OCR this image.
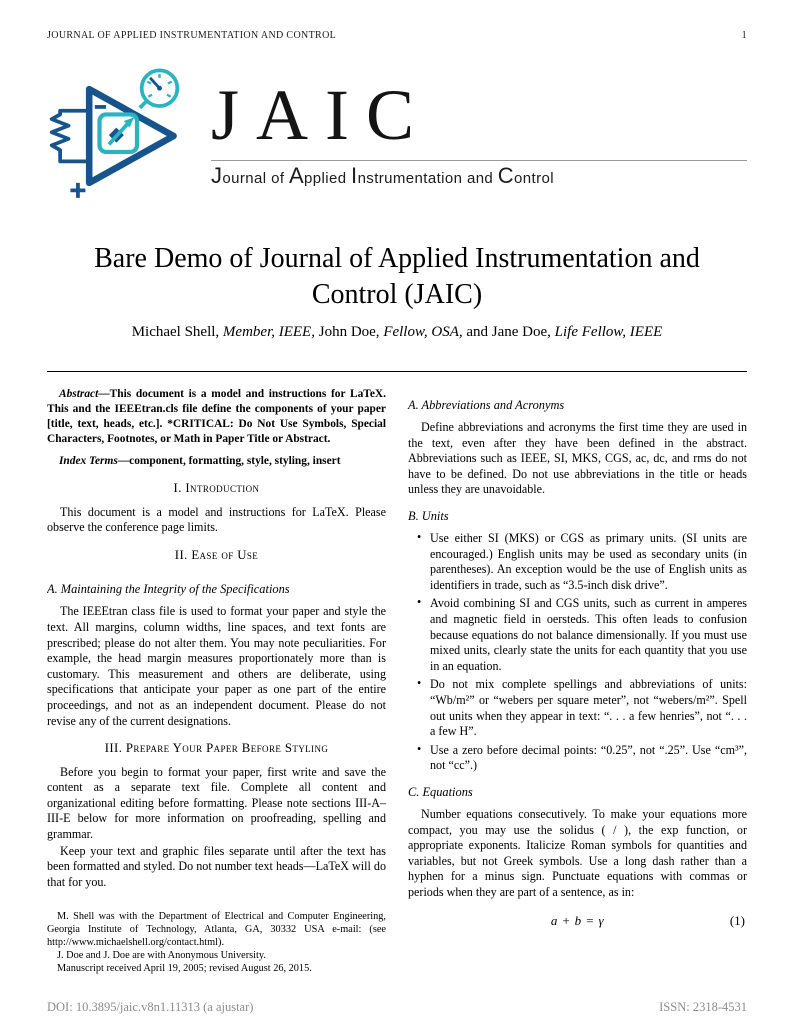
JOURNAL OF APPLIED INSTRUMENTATION AND CONTROL	1
JAIC
Journal of Applied Instrumentation and Control
Bare Demo of Journal of Applied Instrumentation and Control (JAIC)
Michael Shell, Member, IEEE, John Doe, Fellow, OSA, and Jane Doe, Life Fellow, IEEE

Abstract—This document is a model and instructions for LaTeX. This and the IEEEtran.cls file define the components of your paper [title, text, heads, etc.]. *CRITICAL: Do Not Use Symbols, Special Characters, Footnotes, or Math in Paper Title or Abstract.

Index Terms—component, formatting, style, styling, insert

I. Introduction

This document is a model and instructions for LaTeX. Please observe the conference page limits.

II. Ease of Use
A. Maintaining the Integrity of the Specifications

The IEEEtran class file is used to format your paper and style the text. All margins, column widths, line spaces, and text fonts are prescribed; please do not alter them. You may note peculiarities. For example, the head margin measures proportionately more than is customary. This measurement and others are deliberate, using specifications that anticipate your paper as one part of the entire proceedings, and not as an independent document. Please do not revise any of the current designations.

III. Prepare Your Paper Before Styling

Before you begin to format your paper, first write and save the content as a separate text file. Complete all content and organizational editing before formatting. Please note sections III-A–III-E below for more information on proofreading, spelling and grammar.

Keep your text and graphic files separate until after the text has been formatted and styled. Do not number text heads—LaTeX will do that for you.

M. Shell was with the Department of Electrical and Computer Engineering, Georgia Institute of Technology, Atlanta, GA, 30332 USA e-mail: (see http://www.michaelshell.org/contact.html).

J. Doe and J. Doe are with Anonymous University.

Manuscript received April 19, 2005; revised August 26, 2015.

A. Abbreviations and Acronyms

Define abbreviations and acronyms the first time they are used in the text, even after they have been defined in the abstract. Abbreviations such as IEEE, SI, MKS, CGS, ac, dc, and rms do not have to be defined. Do not use abbreviations in the title or heads unless they are unavoidable.

B. Units
• Use either SI (MKS) or CGS as primary units. (SI units are encouraged.) English units may be used as secondary units (in parentheses). An exception would be the use of English units as identifiers in trade, such as “3.5-inch disk drive”.
• Avoid combining SI and CGS units, such as current in amperes and magnetic field in oersteds. This often leads to confusion because equations do not balance dimensionally. If you must use mixed units, clearly state the units for each quantity that you use in an equation.
• Do not mix complete spellings and abbreviations of units: “Wb/m²” or “webers per square meter”, not “webers/m²”. Spell out units when they appear in text: “. . . a few henries”, not “. . . a few H”.
• Use a zero before decimal points: “0.25”, not “.25”. Use “cm³”, not “cc”.)
C. Equations

Number equations consecutively. To make your equations more compact, you may use the solidus ( / ), the exp function, or appropriate exponents. Italicize Roman symbols for quantities and variables, but not Greek symbols. Use a long dash rather than a hyphen for a minus sign. Punctuate equations with commas or periods when they are part of a sentence, as in:

a + b = γ	(1)
DOI: 10.3895/jaic.v8n1.11313 (a ajustar)	ISSN: 2318-4531
